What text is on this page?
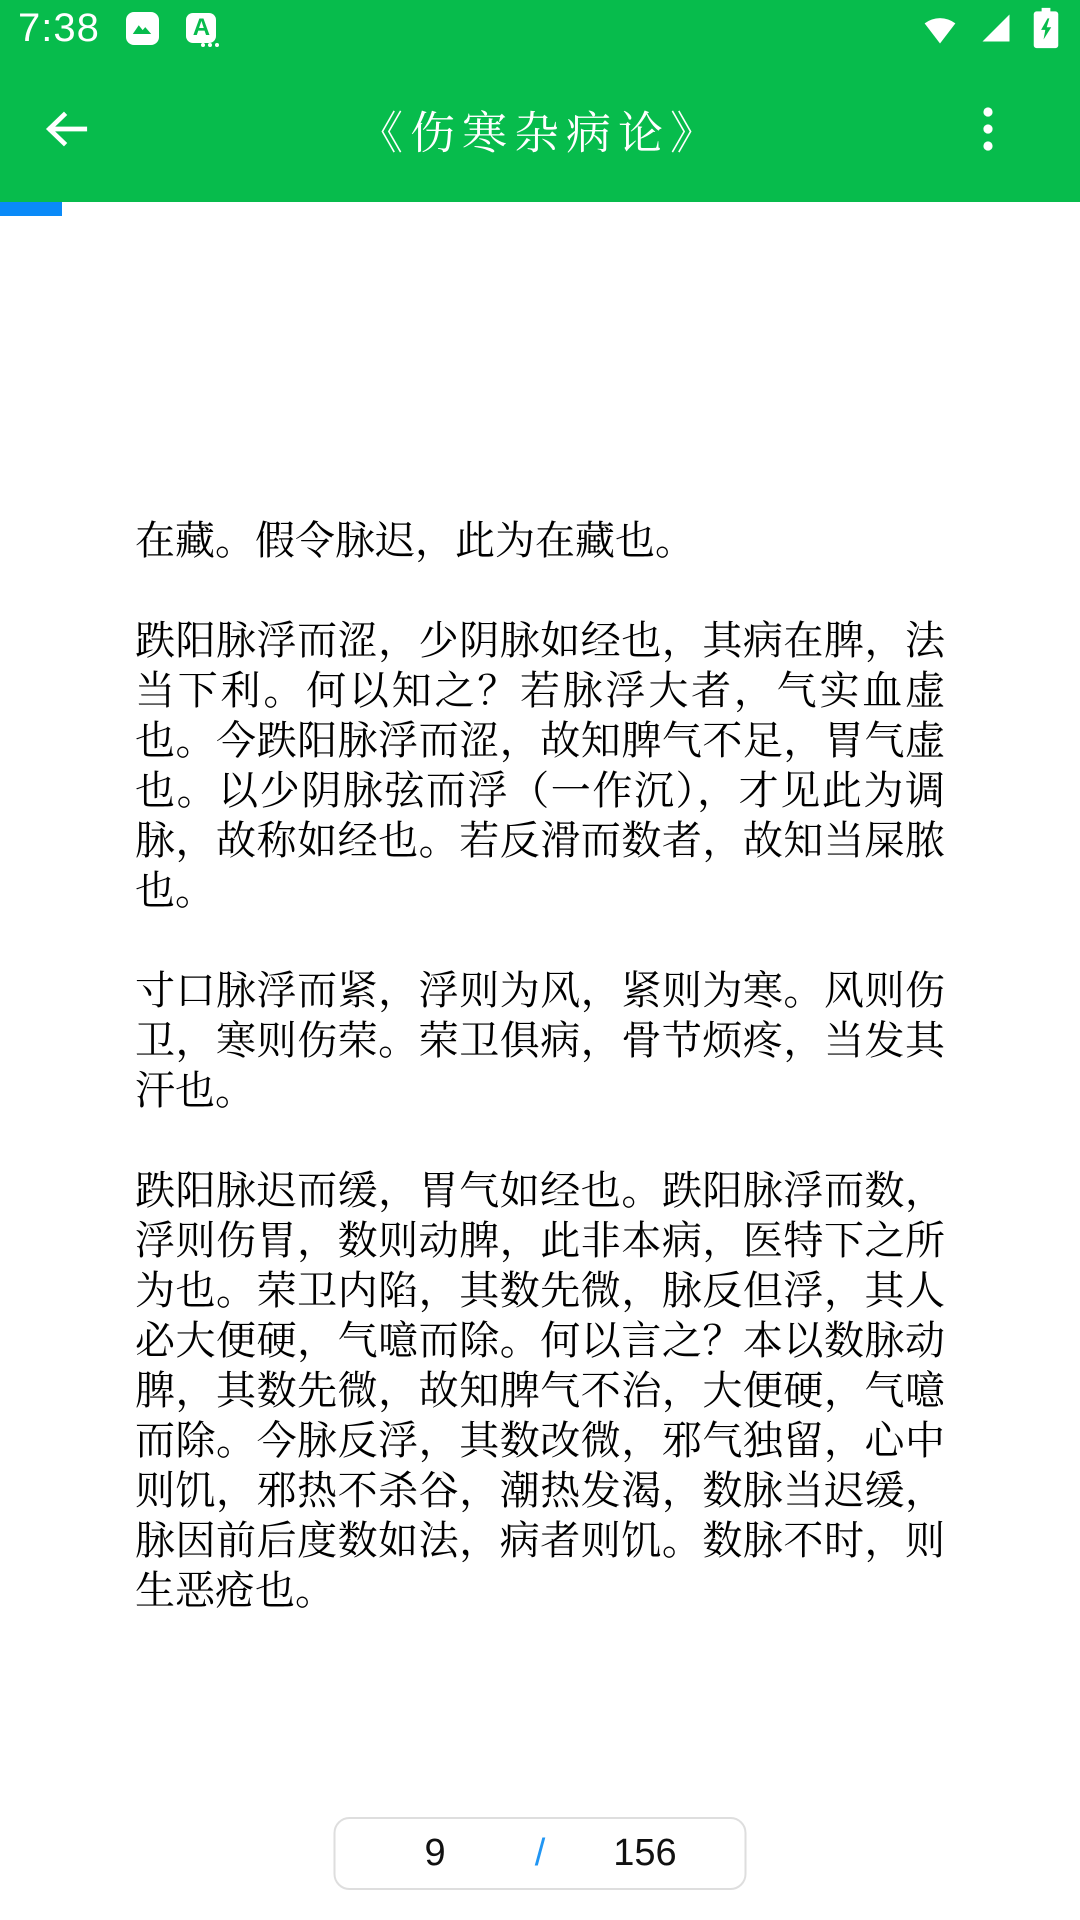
7:38	A
《伤寒杂病论》

在藏。假令脉迟，此为在藏也。

跌阳脉浮而涩，少阴脉如经也，其病在脾，法当下利。何以知之？若脉浮大者，气实血虚也。今跌阳脉浮而涩，故知脾气不足，胃气虚也。以少阴脉弦而浮（一作沉），才见此为调脉，故称如经也。若反滑而数者，故知当屎脓也。

寸口脉浮而紧，浮则为风，紧则为寒。风则伤卫，寒则伤荣。荣卫俱病，骨节烦疼，当发其汗也。

跌阳脉迟而缓，胃气如经也。跌阳脉浮而数，浮则伤胃，数则动脾，此非本病，医特下之所为也。荣卫内陷，其数先微，脉反但浮，其人必大便硬，气噫而除。何以言之？本以数脉动脾，其数先微，故知脾气不治，大便硬，气噫而除。今脉反浮，其数改微，邪气独留，心中则饥，邪热不杀谷，潮热发渴，数脉当迟缓，脉因前后度数如法，病者则饥。数脉不时，则生恶疮也。

9	/	156
